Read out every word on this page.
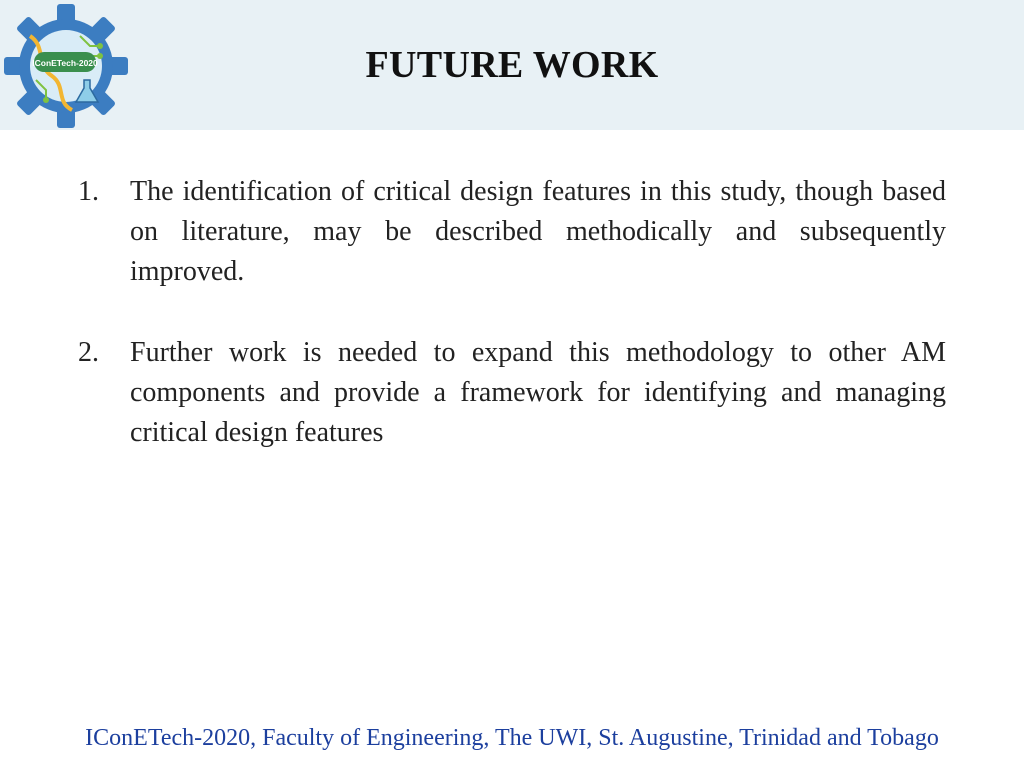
IConETech-2020	FUTURE WORK
1. The identification of critical design features in this study, though based on literature, may be described methodically and subsequently improved.
2. Further work is needed to expand this methodology to other AM components and provide a framework for identifying and managing critical design features
IConETech-2020, Faculty of Engineering, The UWI, St. Augustine, Trinidad and Tobago
